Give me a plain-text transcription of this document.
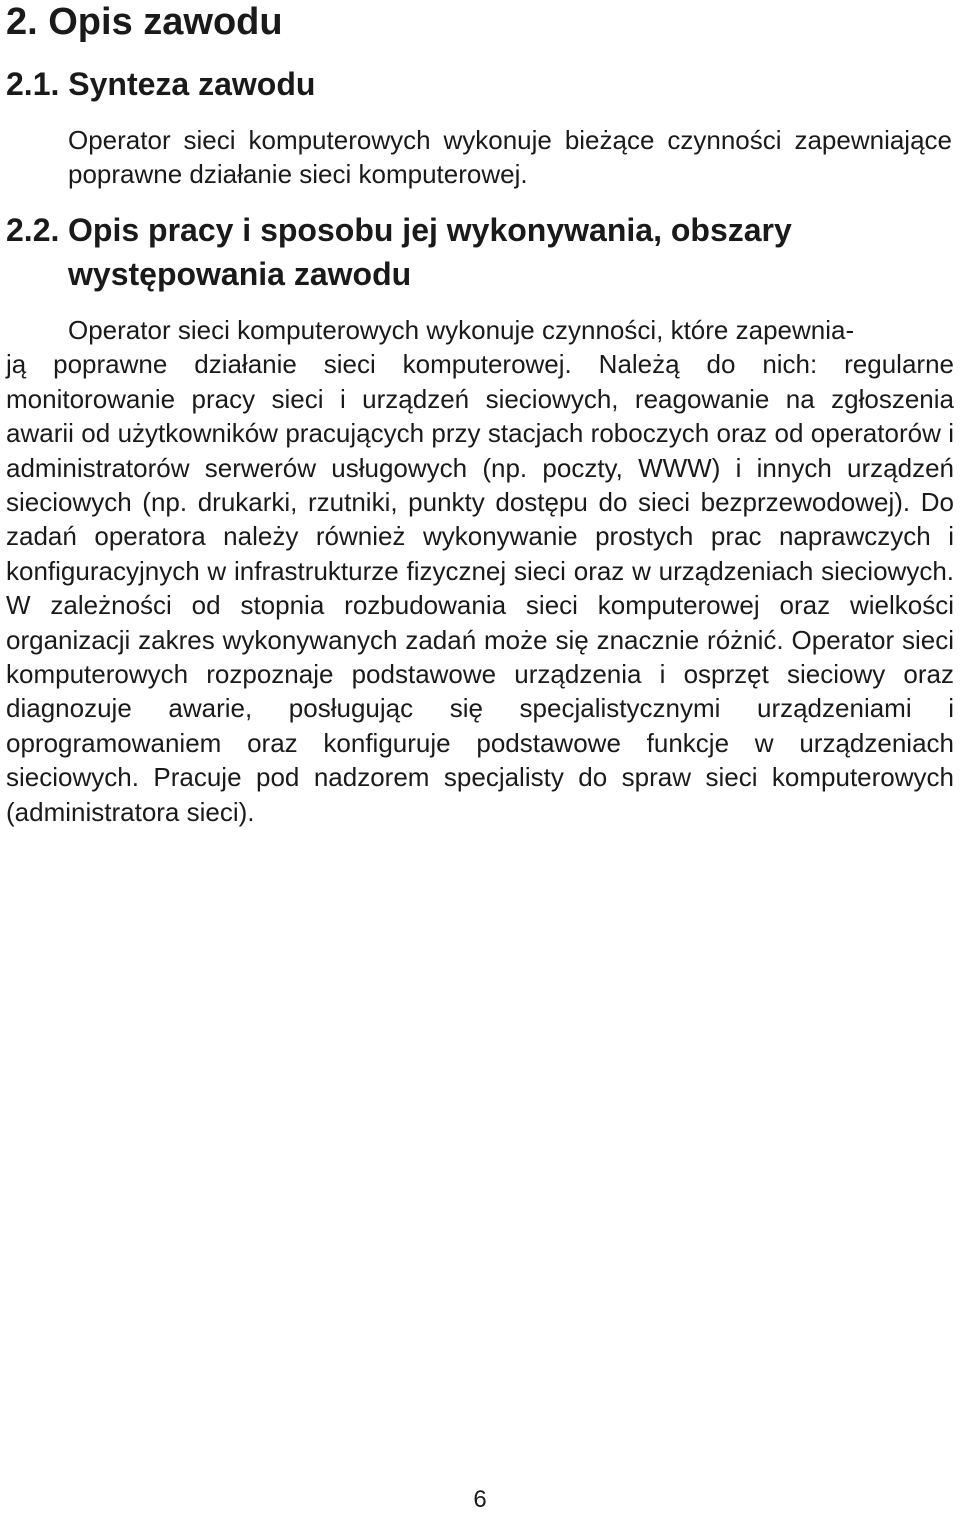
2. Opis zawodu
2.1. Synteza zawodu

Operator sieci komputerowych wykonuje bieżące czynności zapewniające poprawne działanie sieci komputerowej.

2.2. Opis pracy i sposobu jej wykonywania, obszary
występowania zawodu
Operator sieci komputerowych wykonuje czynności, które zapewnia-
ją poprawne działanie sieci komputerowej. Należą do nich: regularne monitorowanie pracy sieci i urządzeń sieciowych, reagowanie na zgłoszenia awarii od użytkowników pracujących przy stacjach roboczych oraz od operatorów i administratorów serwerów usługowych (np. poczty, WWW) i innych urządzeń sieciowych (np. drukarki, rzutniki, punkty dostępu do sieci bezprzewodowej). Do zadań operatora należy również wykonywanie prostych prac naprawczych i konfiguracyjnych w infrastrukturze fizycznej sieci oraz w urządzeniach sieciowych. W zależności od stopnia rozbudowania sieci komputerowej oraz wielkości organizacji zakres wykonywanych zadań może się znacznie różnić. Operator sieci komputerowych rozpoznaje podstawowe urządzenia i osprzęt sieciowy oraz diagnozuje awarie, posługując się specjalistycznymi urządzeniami i oprogramowaniem oraz konfiguruje podstawowe funkcje w urządzeniach sieciowych. Pracuje pod nadzorem specjalisty do spraw sieci komputerowych (administratora sieci).
6
